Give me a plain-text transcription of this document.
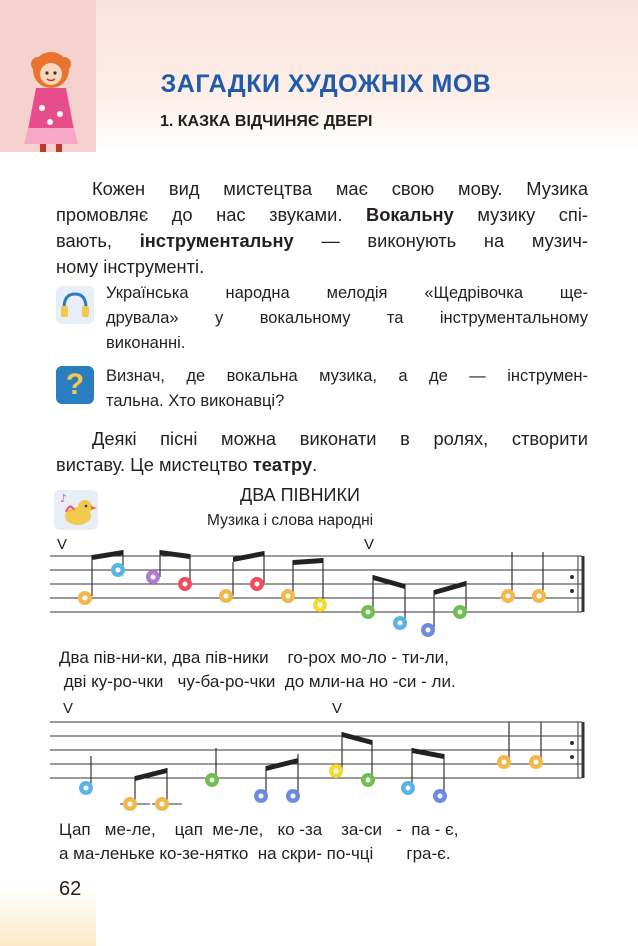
ЗАГАДКИ ХУДОЖНІХ МОВ
1. КАЗКА ВІДЧИНЯЄ ДВЕРІ
Кожен вид мистецтва має свою мову. Музика
промовляє до нас звуками. Вокальну музику спі-
вають, інструментальну — виконують на музич-
ному інструменті.
Українська народна мелодія «Щедрівочка ще-
друвала» у вокальному та інструментальному
виконанні.
? Визнач, де вокальна музика, а де — інструмен-
тальна. Хто виконавці?
Деякі пісні можна виконати в ролях, створити
виставу. Це мистецтво театру.
♪	ДВА ПІВНИКИ
Музика і слова народні
V	V
Два пів-ни-ки, два пів-ники    го-рох мо-ло - ти-ли,
дві ку-ро-чки   чу-ба-ро-чки  до мли-на но -си - ли.
V	V
Цап   ме-ле,    цап  ме-ле,   ко -за    за-си   -  па - є,
а ма-леньке ко-зе-нятко  на скри- по-чці       гра-є.
62
